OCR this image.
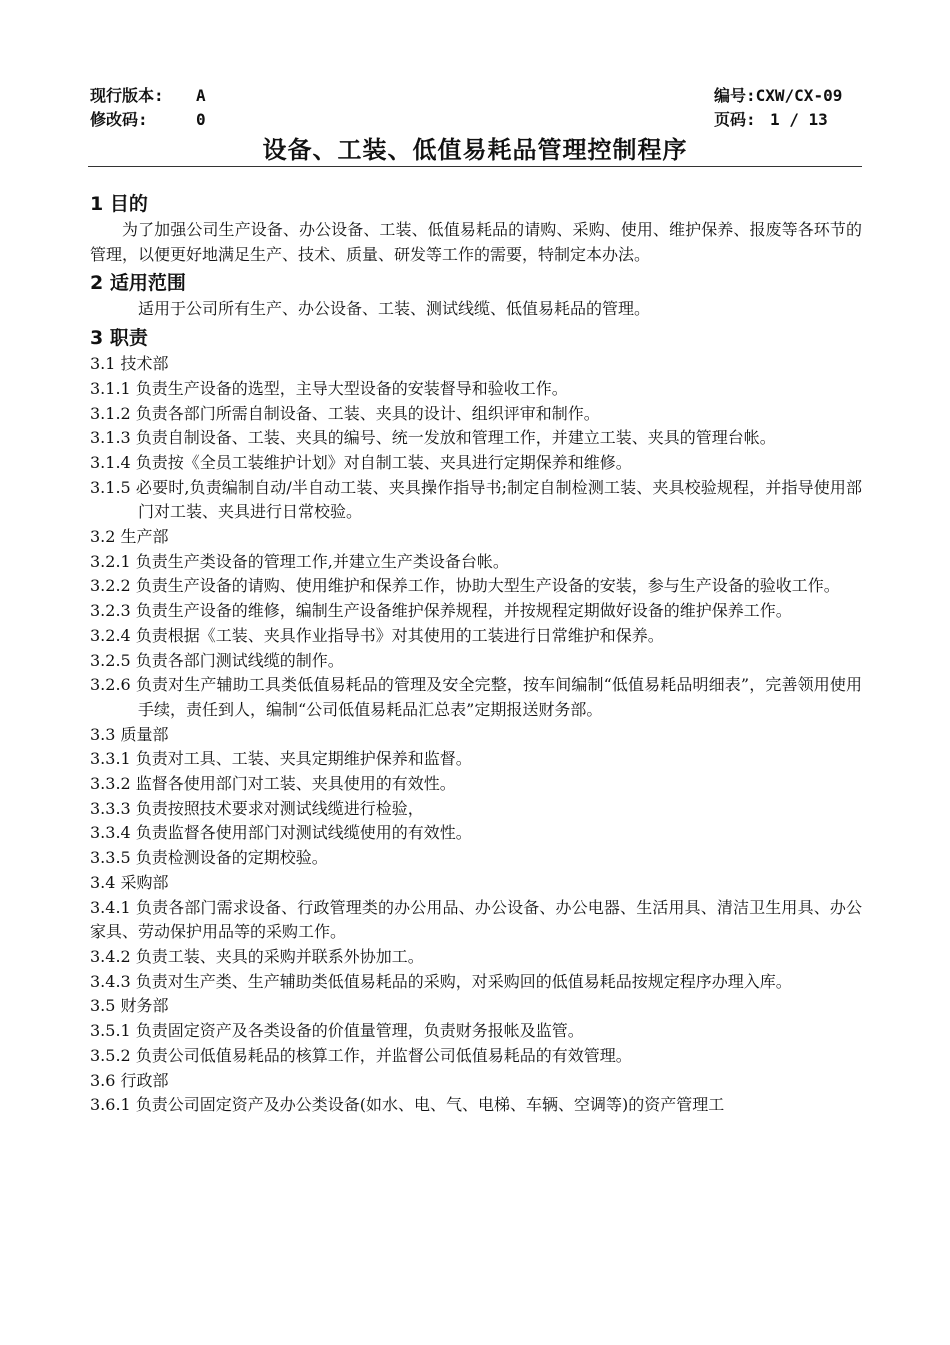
现行版本: A
修改码:	0
编号:CXW/CX-09
页码: 1 / 13
设备、工装、低值易耗品管理控制程序
1 目的
为了加强公司生产设备、办公设备、工装、低值易耗品的请购、采购、使用、维护保养、报废等各环节的管理，以便更好地满足生产、技术、质量、研发等工作的需要，特制定本办法。
2 适用范围
适用于公司所有生产、办公设备、工装、测试线缆、低值易耗品的管理。
3 职责
3.1 技术部
3.1.1 负责生产设备的选型，主导大型设备的安装督导和验收工作。
3.1.2 负责各部门所需自制设备、工装、夹具的设计、组织评审和制作。
3.1.3 负责自制设备、工装、夹具的编号、统一发放和管理工作，并建立工装、夹具的管理台帐。
3.1.4 负责按《全员工装维护计划》对自制工装、夹具进行定期保养和维修。
3.1.5 必要时,负责编制自动/半自动工装、夹具操作指导书;制定自制检测工装、夹具校验规程，并指导使用部门对工装、夹具进行日常校验。
3.2 生产部
3.2.1 负责生产类设备的管理工作,并建立生产类设备台帐。
3.2.2 负责生产设备的请购、使用维护和保养工作，协助大型生产设备的安装，参与生产设备的验收工作。
3.2.3 负责生产设备的维修，编制生产设备维护保养规程，并按规程定期做好设备的维护保养工作。
3.2.4 负责根据《工装、夹具作业指导书》对其使用的工装进行日常维护和保养。
3.2.5 负责各部门测试线缆的制作。
3.2.6 负责对生产辅助工具类低值易耗品的管理及安全完整，按车间编制“低值易耗品明细表”，完善领用使用手续，责任到人，编制“公司低值易耗品汇总表”定期报送财务部。
3.3 质量部
3.3.1 负责对工具、工装、夹具定期维护保养和监督。
3.3.2 监督各使用部门对工装、夹具使用的有效性。
3.3.3 负责按照技术要求对测试线缆进行检验，
3.3.4 负责监督各使用部门对测试线缆使用的有效性。
3.3.5 负责检测设备的定期校验。
3.4 采购部
3.4.1 负责各部门需求设备、行政管理类的办公用品、办公设备、办公电器、生活用具、清洁卫生用具、办公家具、劳动保护用品等的采购工作。
3.4.2 负责工装、夹具的采购并联系外协加工。
3.4.3 负责对生产类、生产辅助类低值易耗品的采购，对采购回的低值易耗品按规定程序办理入库。
3.5 财务部
3.5.1 负责固定资产及各类设备的价值量管理，负责财务报帐及监管。
3.5.2 负责公司低值易耗品的核算工作，并监督公司低值易耗品的有效管理。
3.6 行政部
3.6.1 负责公司固定资产及办公类设备(如水、电、气、电梯、车辆、空调等)的资产管理工
